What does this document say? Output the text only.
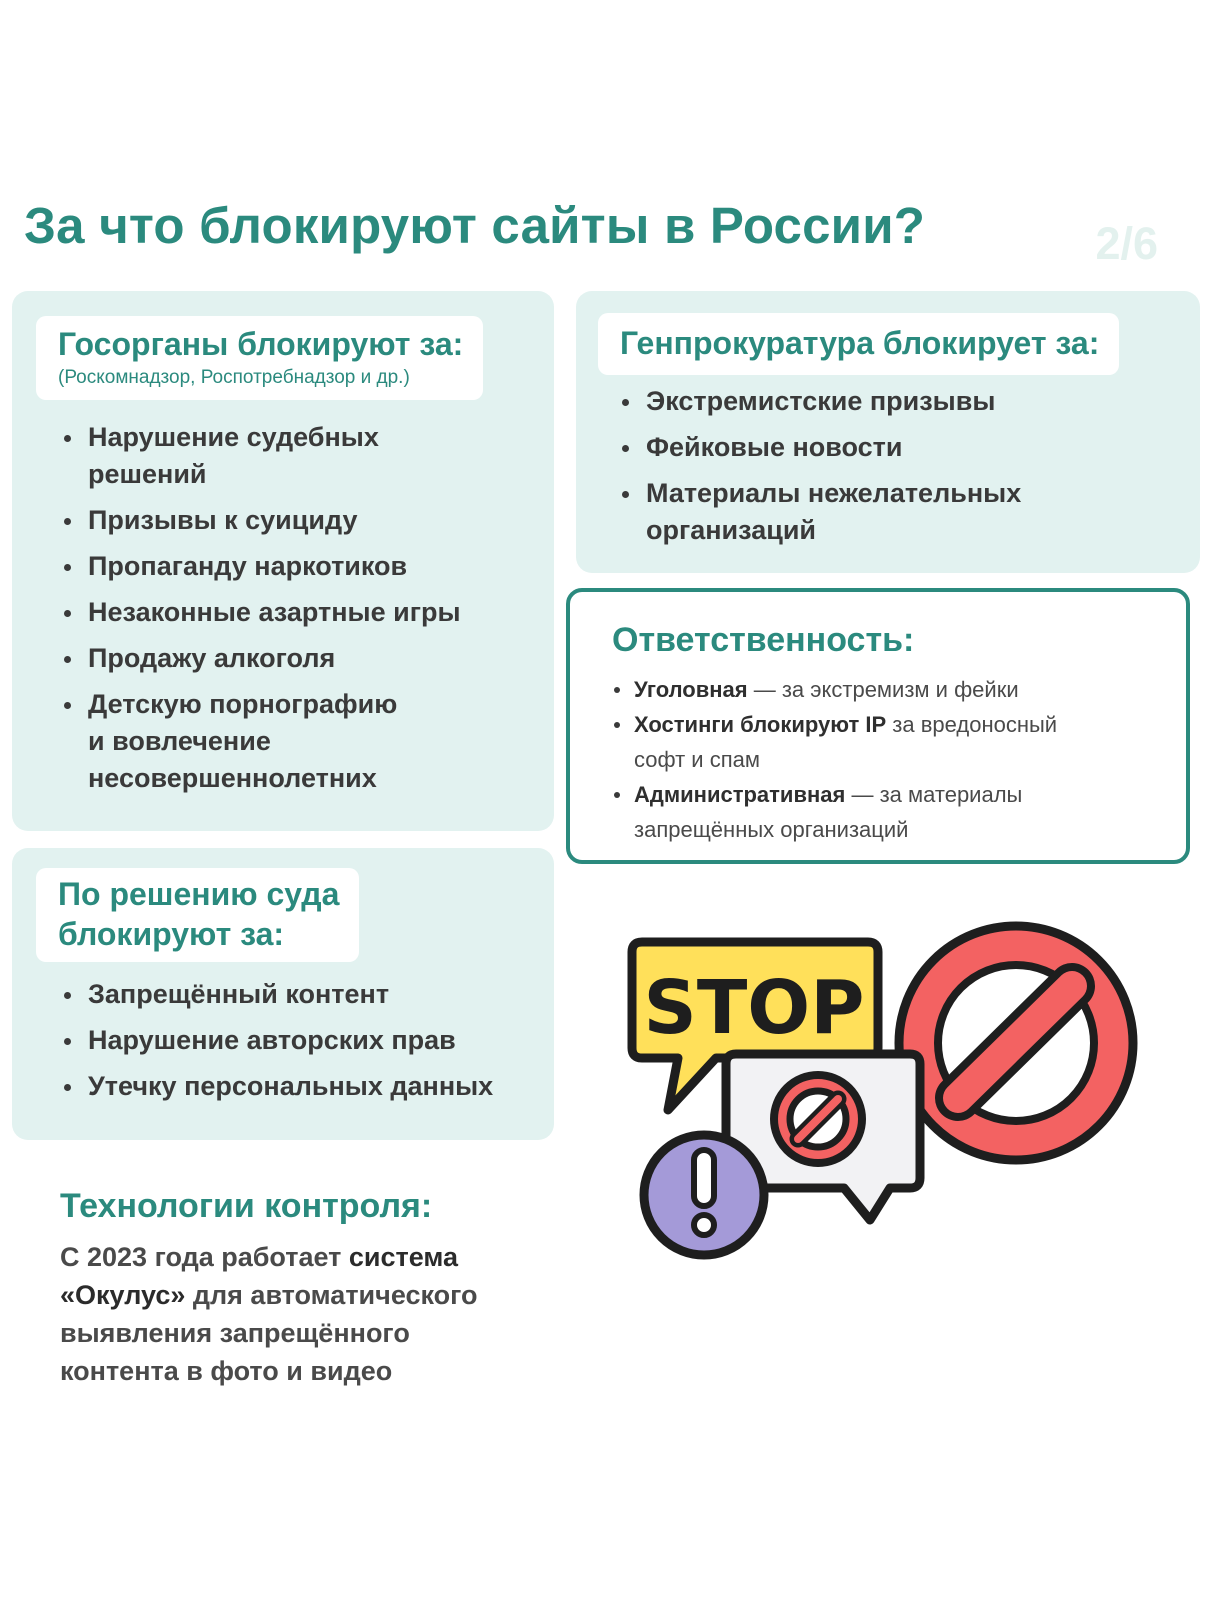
За что блокируют сайты в России?	2/6
Госорганы блокируют за:
(Роскомнадзор, Роспотребнадзор и др.)
Нарушение судебных решений
Призывы к суициду
Пропаганду наркотиков
Незаконные азартные игры
Продажу алкоголя
Детскую порнографию и вовлечение несовершеннолетних
По решению суда
блокируют за:
Запрещённый контент
Нарушение авторских прав
Утечку персональных данных
Генпрокуратура блокирует за:
Экстремистские призывы
Фейковые новости
Материалы нежелательных организаций
Ответственность:
Уголовная — за экстремизм и фейки
Хостинги блокируют IP за вредоносный софт и спам
Административная — за материалы запрещённых организаций
Технологии контроля:
С 2023 года работает система «Окулус» для автоматического выявления запрещённого контента в фото и видео
STOP
